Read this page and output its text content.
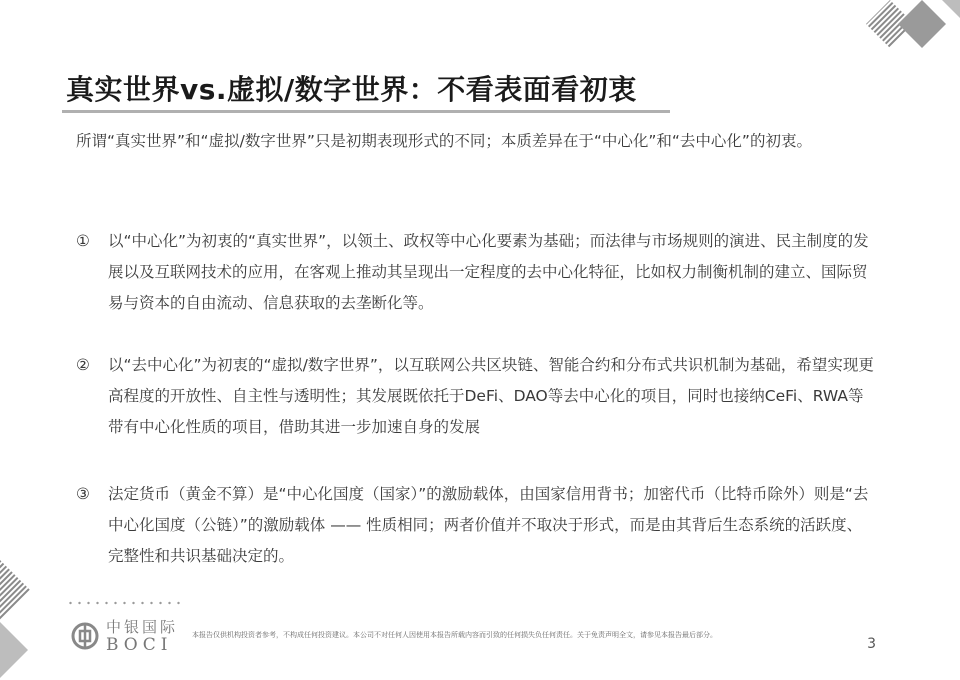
真实世界vs.虚拟/数字世界：不看表面看初衷

所谓“真实世界”和“虚拟/数字世界”只是初期表现形式的不同；本质差异在于“中心化”和“去中心化”的初衷。

①	以“中心化”为初衷的“真实世界”，以领土、政权等中心化要素为基础；而法律与市场规则的演进、民主制度的发展以及互联网技术的应用，在客观上推动其呈现出一定程度的去中心化特征，比如权力制衡机制的建立、国际贸易与资本的自由流动、信息获取的去垄断化等。
②	以“去中心化”为初衷的“虚拟/数字世界”，以互联网公共区块链、智能合约和分布式共识机制为基础，希望实现更高程度的开放性、自主性与透明性；其发展既依托于DeFi、DAO等去中心化的项目，同时也接纳CeFi、RWA等带有中心化性质的项目，借助其进一步加速自身的发展
③	法定货币（黄金不算）是“中心化国度（国家）”的激励载体，由国家信用背书；加密代币（比特币除外）则是“去中心化国度（公链）”的激励载体 —— 性质相同；两者价值并不取决于形式，而是由其背后生态系统的活跃度、完整性和共识基础决定的。
中银国际
BOCI	本报告仅供机构投资者参考，不构成任何投资建议。本公司不对任何人因使用本报告所载内容而引致的任何损失负任何责任。关于免责声明全文，请参见本报告最后部分。
3
